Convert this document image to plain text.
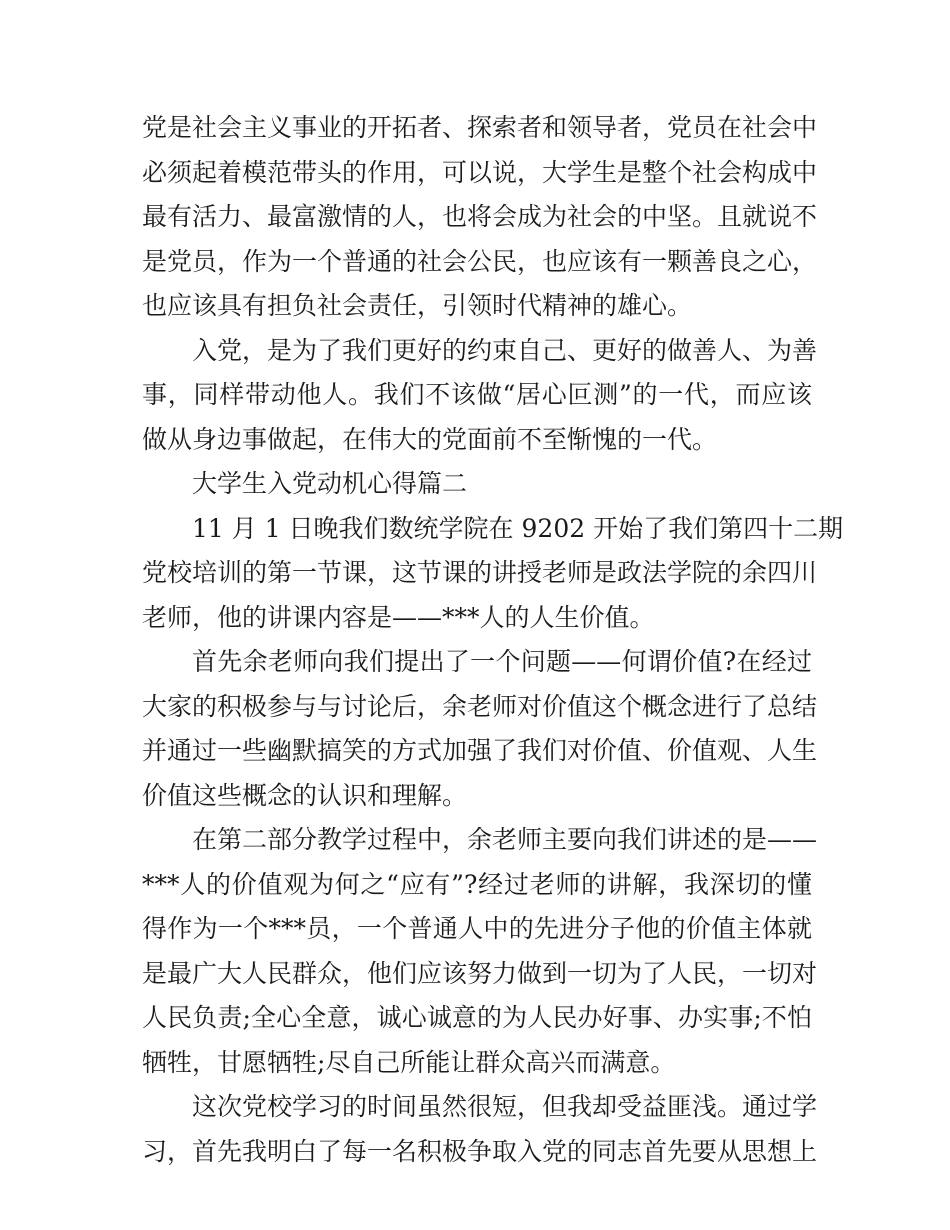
党是社会主义事业的开拓者、探索者和领导者，党员在社会中
必须起着模范带头的作用，可以说，大学生是整个社会构成中
最有活力、最富激情的人，也将会成为社会的中坚。且就说不
是党员，作为一个普通的社会公民，也应该有一颗善良之心，
也应该具有担负社会责任，引领时代精神的雄心。
入党，是为了我们更好的约束自己、更好的做善人、为善
事，同样带动他人。我们不该做“居心叵测”的一代，而应该
做从身边事做起，在伟大的党面前不至惭愧的一代。
大学生入党动机心得篇二
11 月 1 日晚我们数统学院在 9202 开始了我们第四十二期
党校培训的第一节课，这节课的讲授老师是政法学院的余四川
老师，他的讲课内容是——***人的人生价值。
首先余老师向我们提出了一个问题——何谓价值?在经过
大家的积极参与与讨论后，余老师对价值这个概念进行了总结
并通过一些幽默搞笑的方式加强了我们对价值、价值观、人生
价值这些概念的认识和理解。
在第二部分教学过程中，余老师主要向我们讲述的是——
***人的价值观为何之“应有”?经过老师的讲解，我深切的懂
得作为一个***员，一个普通人中的先进分子他的价值主体就
是最广大人民群众，他们应该努力做到一切为了人民，一切对
人民负责;全心全意，诚心诚意的为人民办好事、办实事;不怕
牺牲，甘愿牺牲;尽自己所能让群众高兴而满意。
这次党校学习的时间虽然很短，但我却受益匪浅。通过学
习，首先我明白了每一名积极争取入党的同志首先要从思想上
